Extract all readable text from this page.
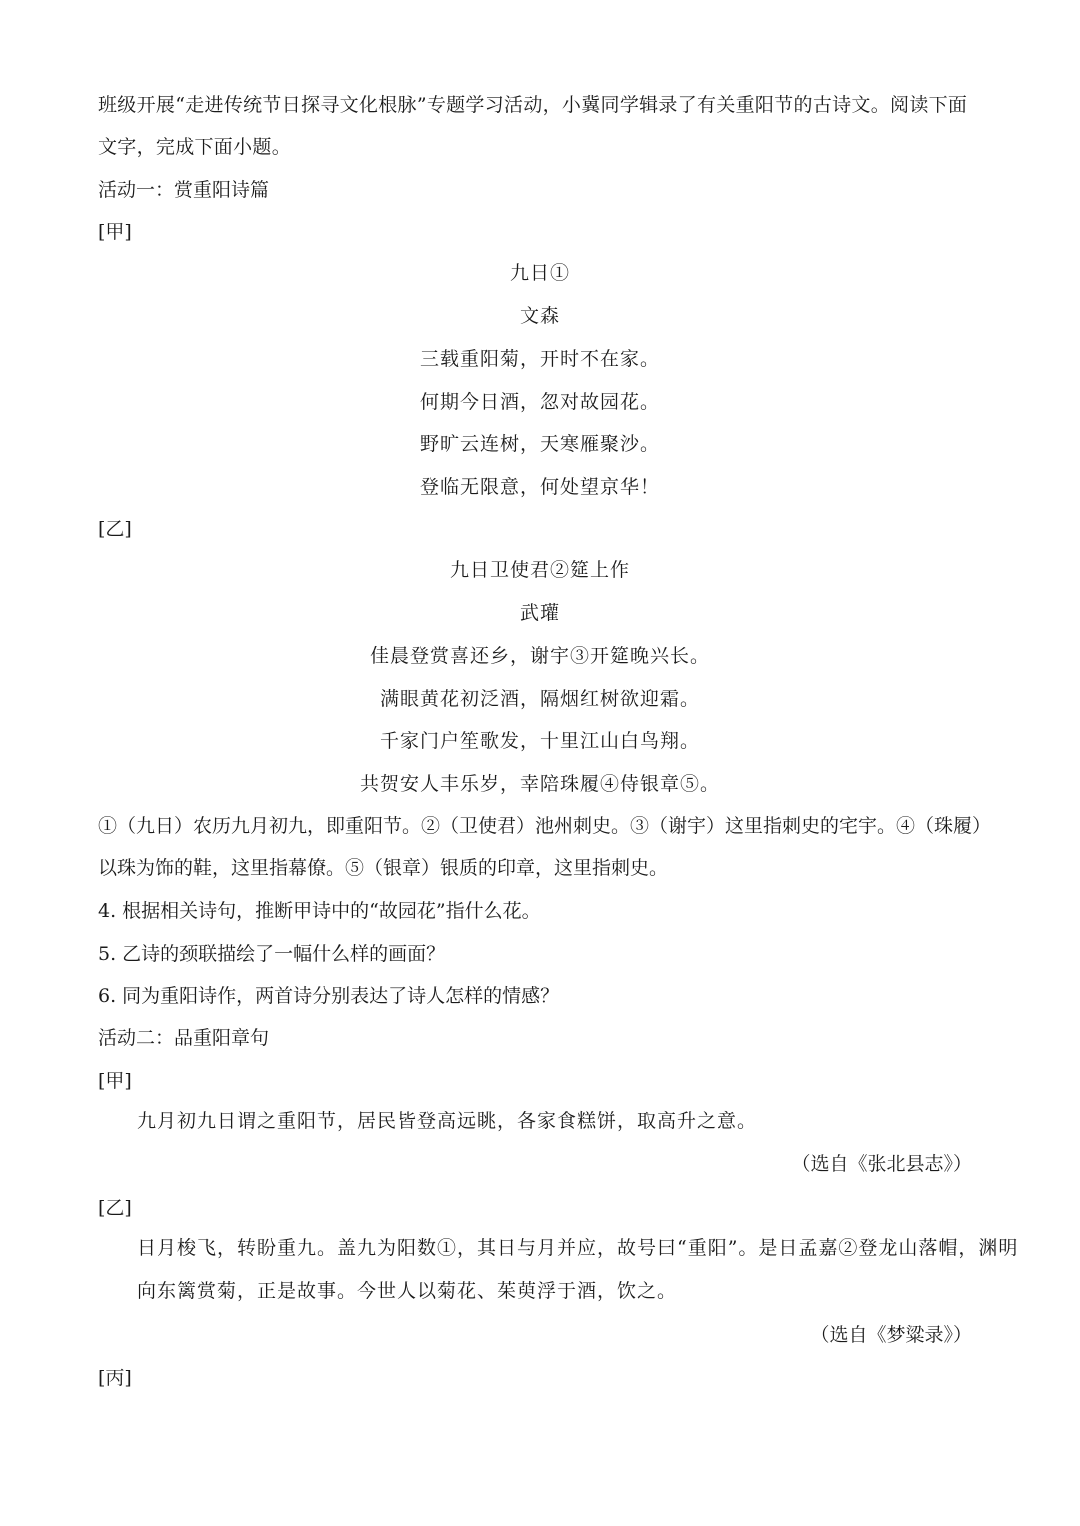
班级开展“走进传统节日探寻文化根脉”专题学习活动，小冀同学辑录了有关重阳节的古诗文。阅读下面
文字，完成下面小题。
活动一：赏重阳诗篇
[甲]
九日①
文森
三载重阳菊，开时不在家。
何期今日酒，忽对故园花。
野旷云连树，天寒雁聚沙。
登临无限意，何处望京华！
[乙]
九日卫使君②筵上作
武瓘
佳晨登赏喜还乡，谢宇③开筵晚兴长。
满眼黄花初泛酒，隔烟红树欲迎霜。
千家门户笙歌发，十里江山白鸟翔。
共贺安人丰乐岁，幸陪珠履④侍银章⑤。
①（九日）农历九月初九，即重阳节。②（卫使君）池州刺史。③（谢宇）这里指刺史的宅宇。④（珠履）
以珠为饰的鞋，这里指幕僚。⑤（银章）银质的印章，这里指刺史。
4. 根据相关诗句，推断甲诗中的“故园花”指什么花。
5. 乙诗的颈联描绘了一幅什么样的画面？
6. 同为重阳诗作，两首诗分别表达了诗人怎样的情感？
活动二：品重阳章句
[甲]
九月初九日谓之重阳节，居民皆登高远眺，各家食糕饼，取高升之意。
（选自《张北县志》）
[乙]
日月梭飞，转盼重九。盖九为阳数①，其日与月并应，故号曰“重阳”。是日孟嘉②登龙山落帽，渊明
向东篱赏菊，正是故事。今世人以菊花、茱萸浮于酒，饮之。
（选自《梦粱录》）
[丙]
